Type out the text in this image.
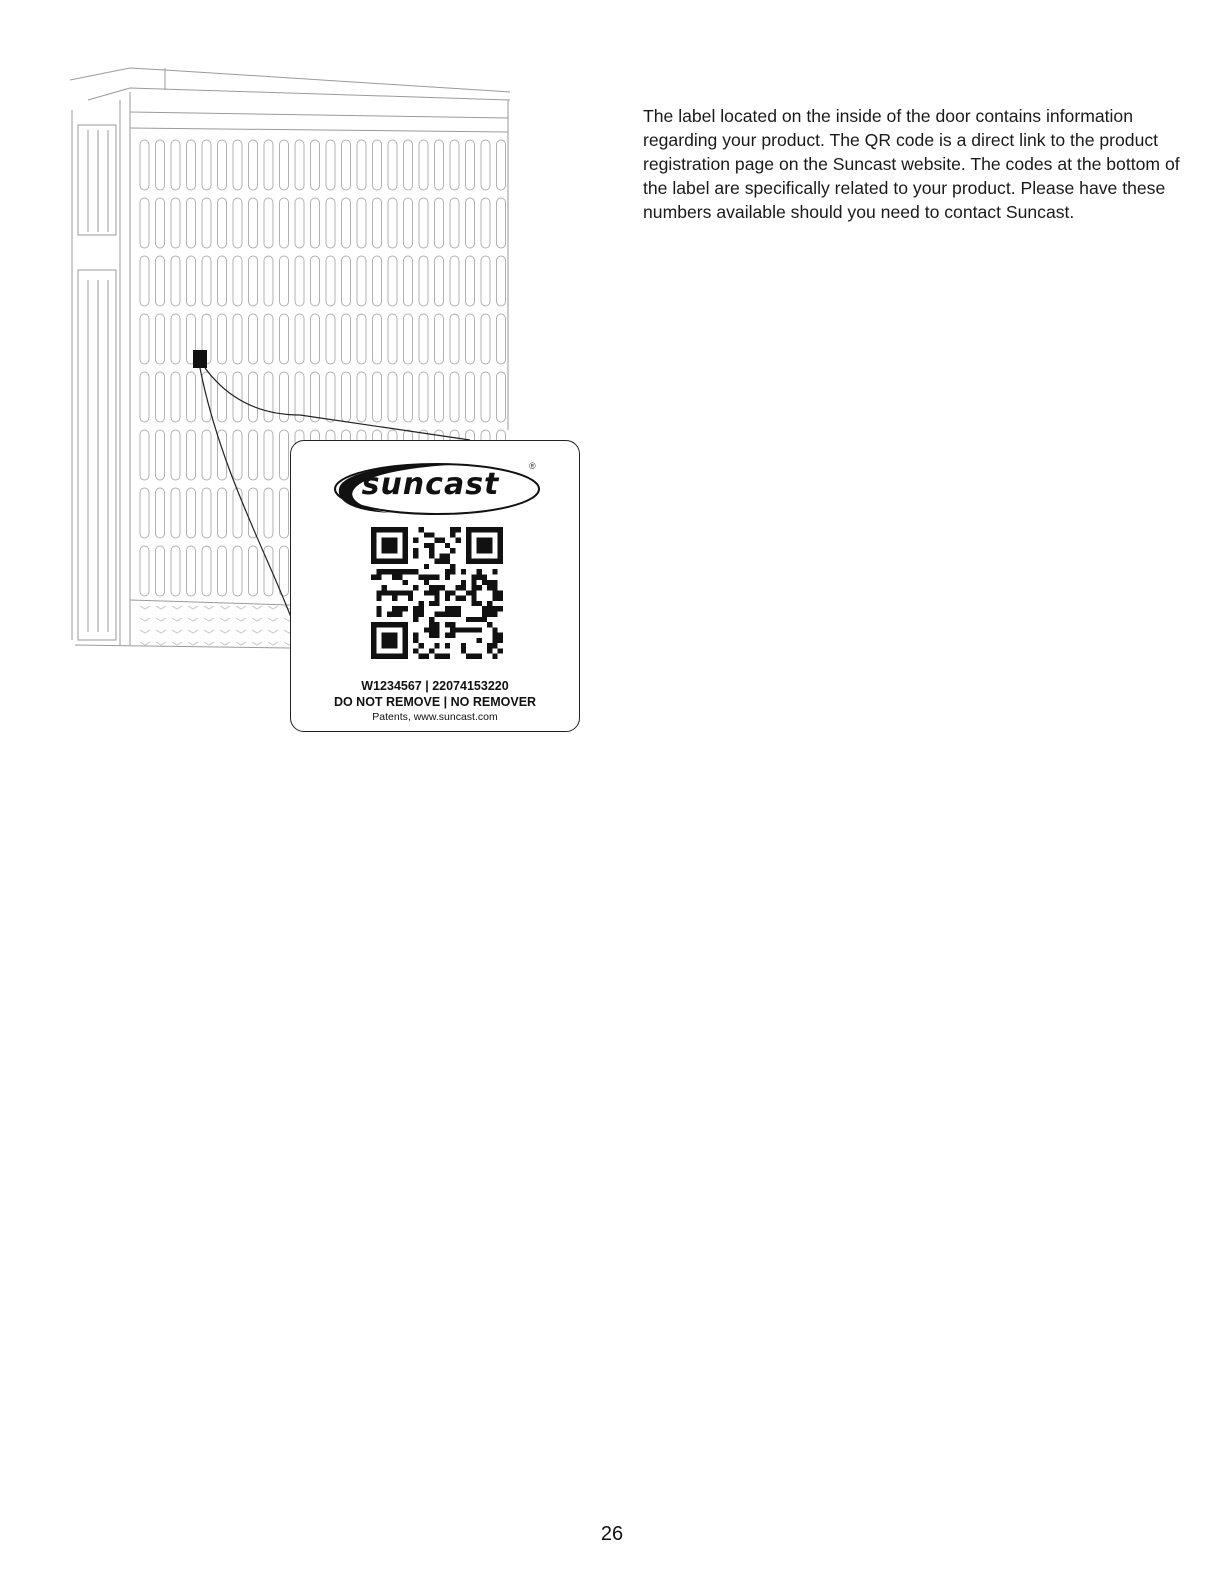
The label located on the inside of the door contains information regarding your product. The QR code is a direct link to the product registration page on the Suncast website. The codes at the bottom of the label are specifically related to your product. Please have these numbers available should you need to contact Suncast.

suncast
®
W1234567 | 22074153220
DO NOT REMOVE | NO REMOVER
Patents, www.suncast.com
26
